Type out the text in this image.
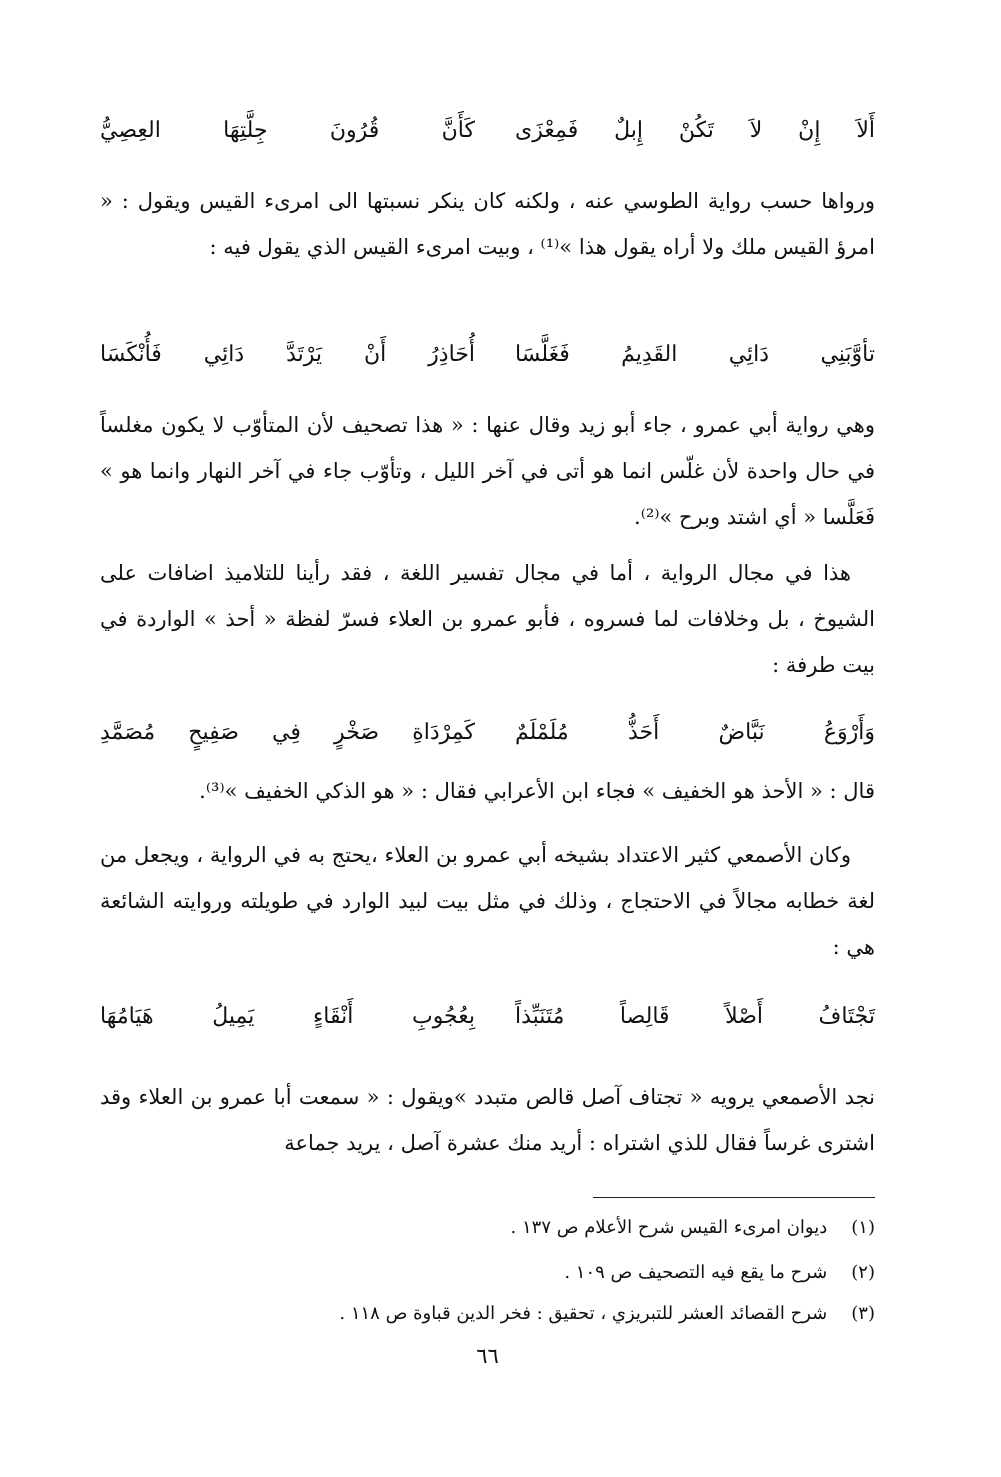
أَلاَ إِنْ لاَ تَكُنْ إِبلٌ فَمِعْزَىكَأَنَّ قُرُونَ جِلَّتِهَا العِصِيُّ

ورواها حسب رواية الطوسي عنه ، ولكنه كان ينكر نسبتها الى امرىء القيس ويقول : « امرؤ القيس ملك ولا أراه يقول هذا »⁽¹⁾ ، وبيت امرىء القيس الذي يقول فيه :

تأوَّبَنِي دَائِي القَدِيمُ فَغَلَّسَاأُحَاذِرُ أَنْ يَرْتَدَّ دَائِي فَأُنْكَسَا

وهي رواية أبي عمرو ، جاء أبو زيد وقال عنها : « هذا تصحيف لأن المتأوّب لا يكون مغلساً في حال واحدة لأن غلّس انما هو أتى في آخر الليل ، وتأوّب جاء في آخر النهار وانما هو » فَعَلَّسا « أي اشتد وبرح »⁽²⁾.

هذا في مجال الرواية ، أما في مجال تفسير اللغة ، فقد رأينا للتلاميذ اضافات على الشيوخ ، بل وخلافات لما فسروه ، فأبو عمرو بن العلاء فسرّ لفظة « أحذ » الواردة في بيت طرفة :

وَأَرْوَعُ نَبَّاضٌ أَحَذُّ مُلَمْلَمٌكَمِرْدَاةِ صَخْرٍ فِي صَفِيحٍ مُصَمَّدِ

قال : « الأحذ هو الخفيف » فجاء ابن الأعرابي فقال : « هو الذكي الخفيف »⁽³⁾.

وكان الأصمعي كثير الاعتداد بشيخه أبي عمرو بن العلاء ،يحتج به في الرواية ، ويجعل من لغة خطابه مجالاً في الاحتجاج ، وذلك في مثل بيت لبيد الوارد في طويلته وروايته الشائعة هي :

تَجْتَافُ أَصْلاً قَالِصاً مُتَنَبِّذاًبِعُجُوبِ أَنْقَاءٍ يَمِيلُ هَيَامُهَا

نجد الأصمعي يرويه « تجتاف آصل قالص متبدد »ويقول : « سمعت أبا عمرو بن العلاء وقد اشترى غرساً فقال للذي اشتراه : أريد منك عشرة آصل ، يريد جماعة

(١) ديوان امرىء القيس شرح الأعلام ص ١٣٧ .
(٢) شرح ما يقع فيه التصحيف ص ١٠٩ .
(٣) شرح القصائد العشر للتبريزي ، تحقيق : فخر الدين قباوة ص ١١٨ .
٦٦
